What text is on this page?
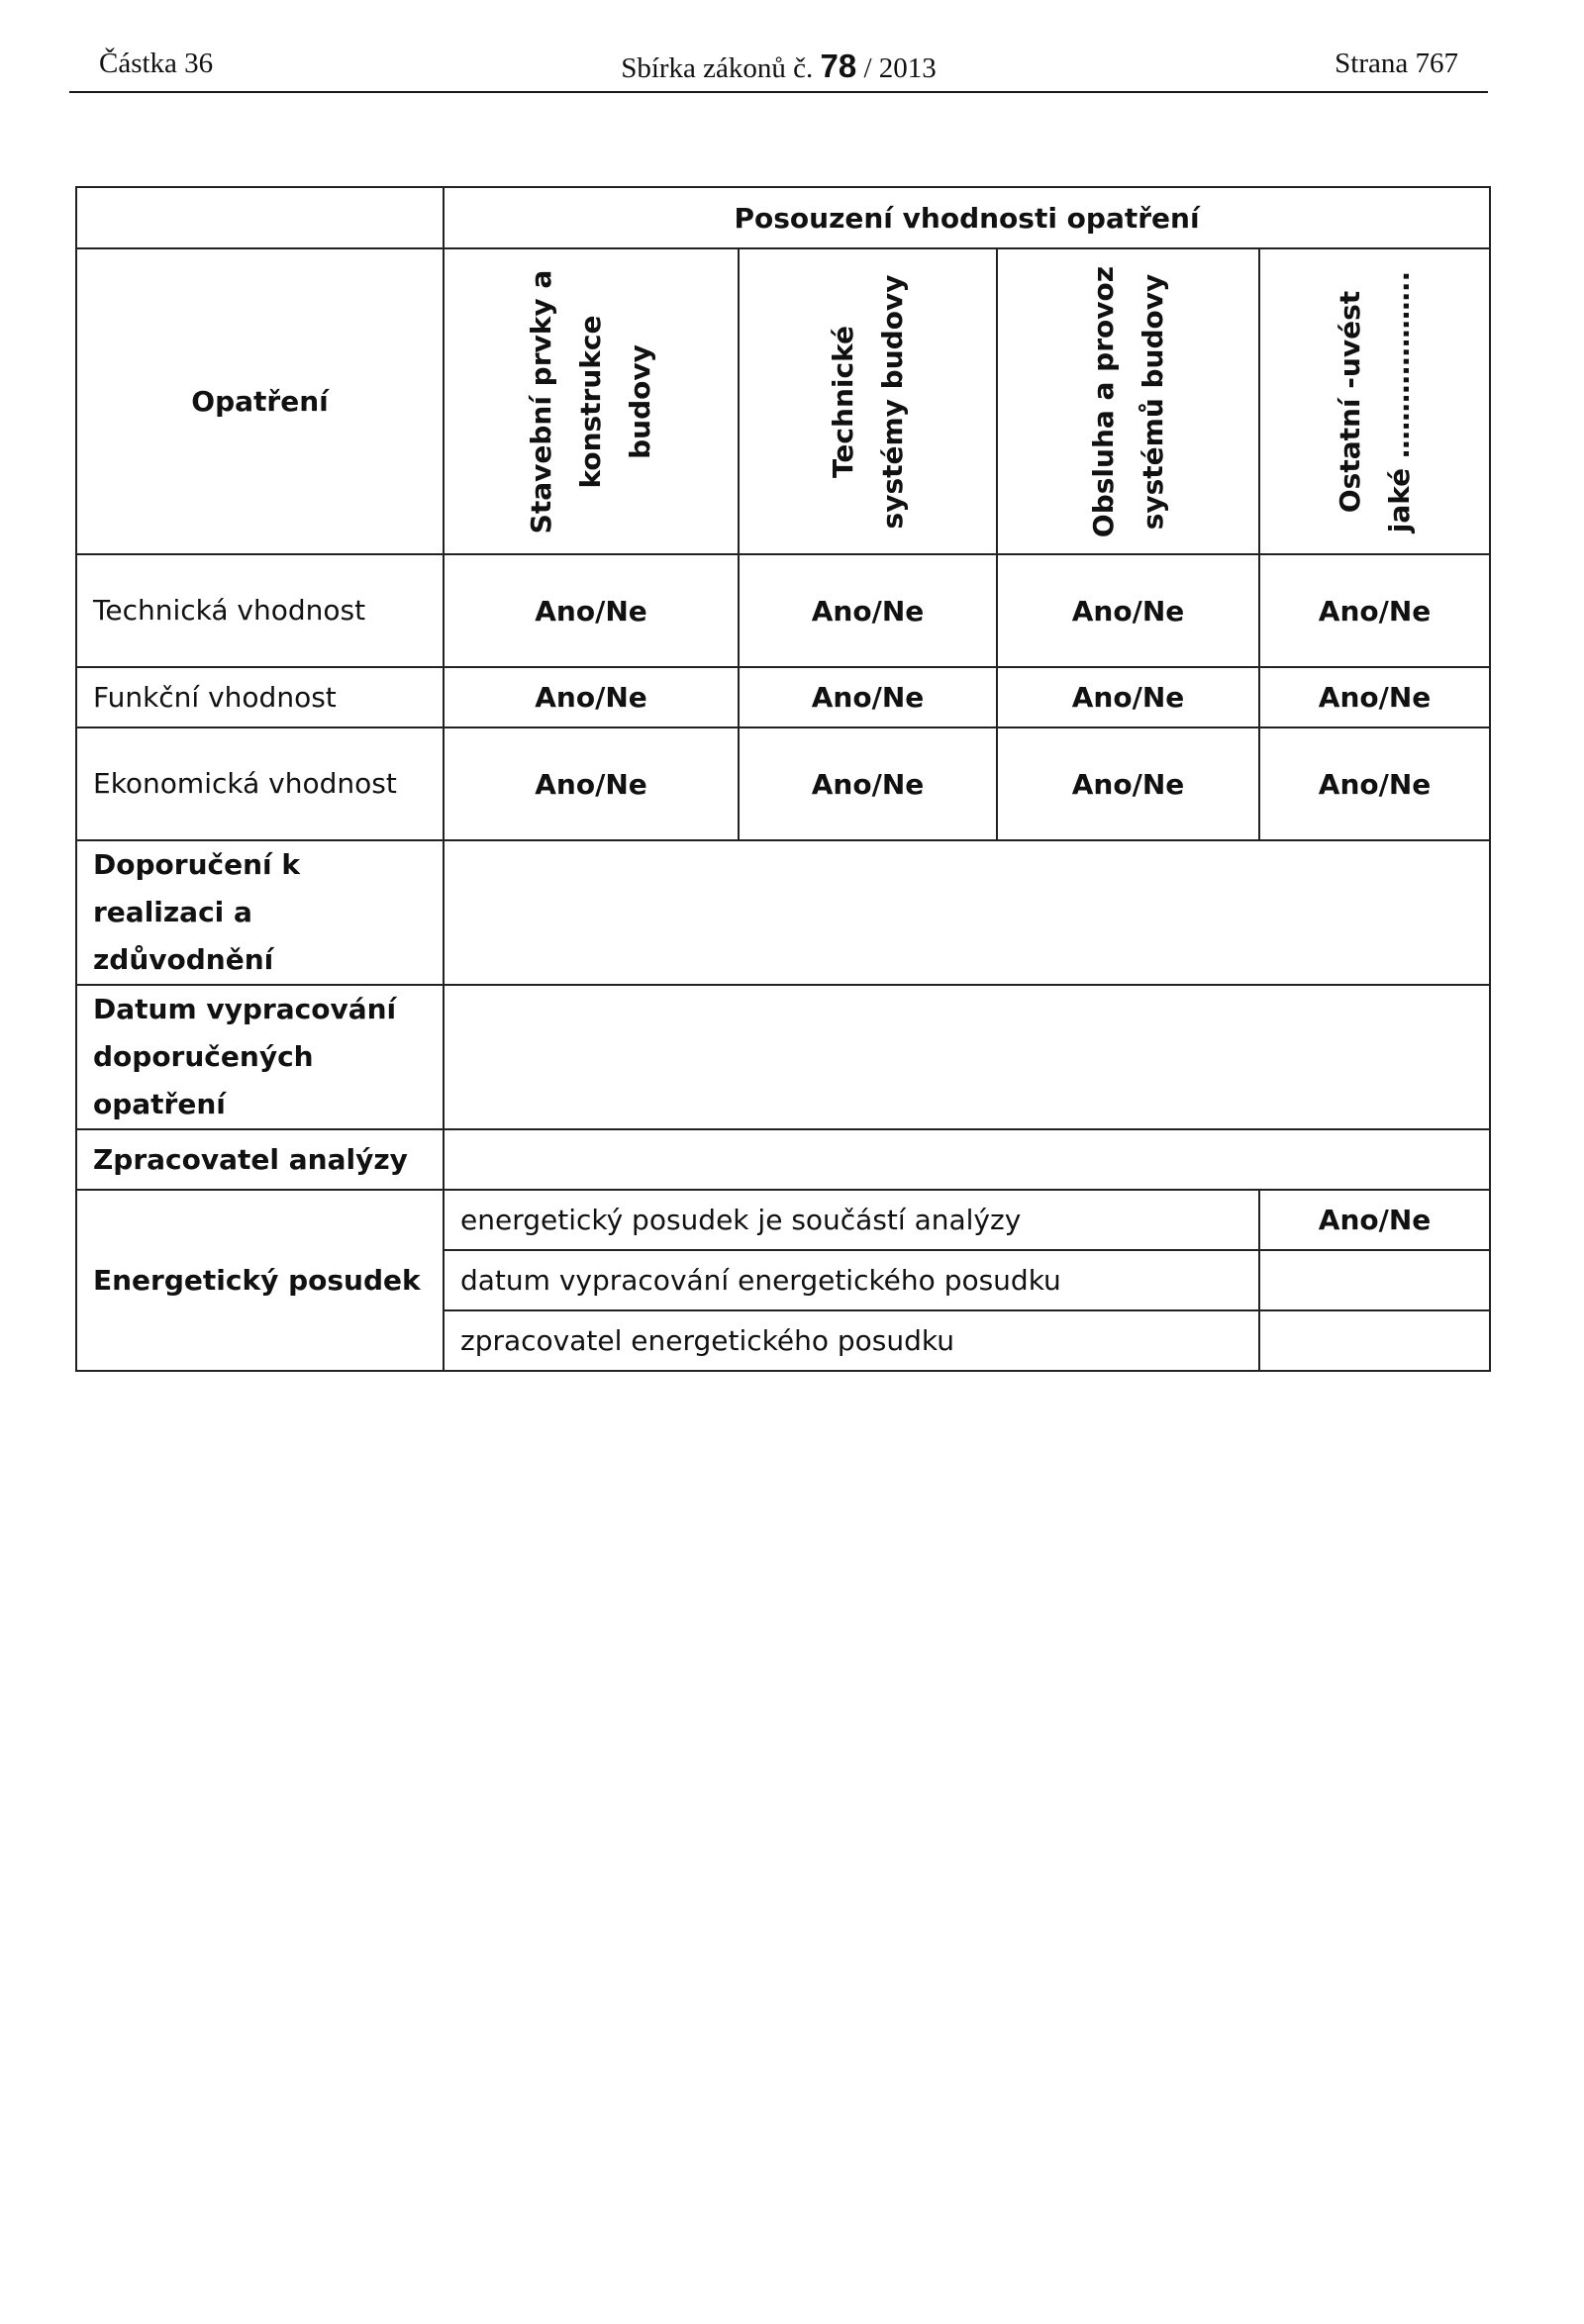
Částka 36	Sbírka zákonů č. 78 / 2013	Strana 767
	Posouzení vhodnosti opatření			
Opatření	Stavební prvky a konstrukce budovy	Technické systémy budovy	Obsluha a provoz systémů budovy	Ostatní -uvést jaké ………………..

Technická vhodnost	Ano/Ne	Ano/Ne	Ano/Ne	Ano/Ne
Funkční vhodnost	Ano/Ne	Ano/Ne	Ano/Ne	Ano/Ne
Ekonomická vhodnost	Ano/Ne	Ano/Ne	Ano/Ne	Ano/Ne
Doporučení k realizaci a zdůvodnění				
Datum vypracování doporučených opatření				
Zpracovatel analýzy				
Energetický posudek	energetický posudek je součástí analýzy			Ano/Ne
	datum vypracování energetického posudku			
	zpracovatel energetického posudku			
